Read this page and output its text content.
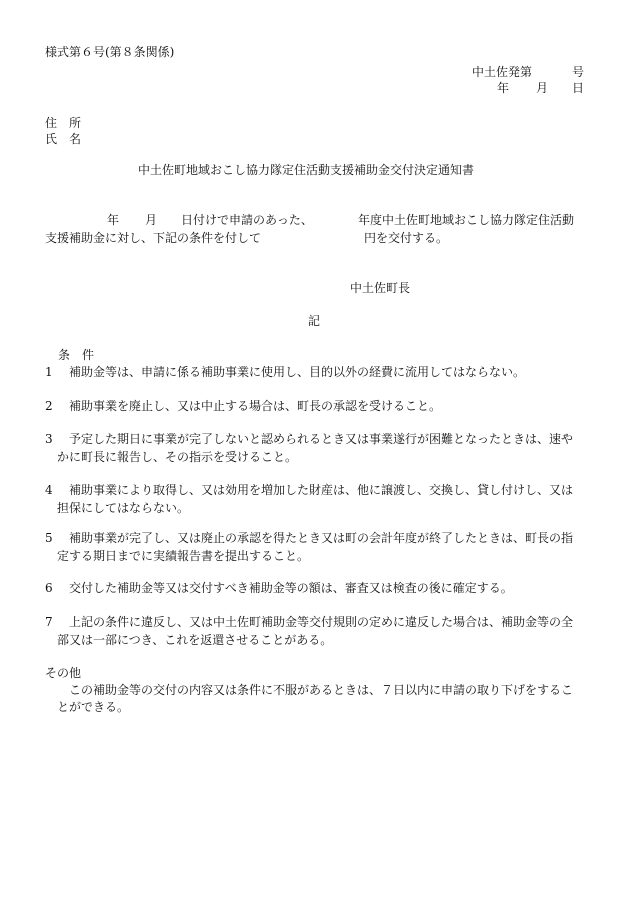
様式第６号(第８条関係)
中土佐発第	号
年 月 日
住　所
氏　名
中土佐町地域おこし協力隊定住活動支援補助金交付決定通知書
年 月 日付けで申請のあった、	年度中土佐町地域おこし協力隊定住活動
支援補助金に対し、下記の条件を付して	円を交付する。
中土佐町長
記
条　件
1 補助金等は、申請に係る補助事業に使用し、目的以外の経費に流用してはならない。
2 補助事業を廃止し、又は中止する場合は、町長の承認を受けること。
3 予定した期日に事業が完了しないと認められるとき又は事業遂行が困難となったときは、速や
かに町長に報告し、その指示を受けること。
4 補助事業により取得し、又は効用を増加した財産は、他に譲渡し、交換し、貸し付けし、又は
担保にしてはならない。
5 補助事業が完了し、又は廃止の承認を得たとき又は町の会計年度が終了したときは、町長の指
定する期日までに実績報告書を提出すること。
6 交付した補助金等又は交付すべき補助金等の額は、審査又は検査の後に確定する。
7 上記の条件に違反し、又は中土佐町補助金等交付規則の定めに違反した場合は、補助金等の全
部又は一部につき、これを返還させることがある。
その他
この補助金等の交付の内容又は条件に不服があるときは、７日以内に申請の取り下げをするこ
とができる。
